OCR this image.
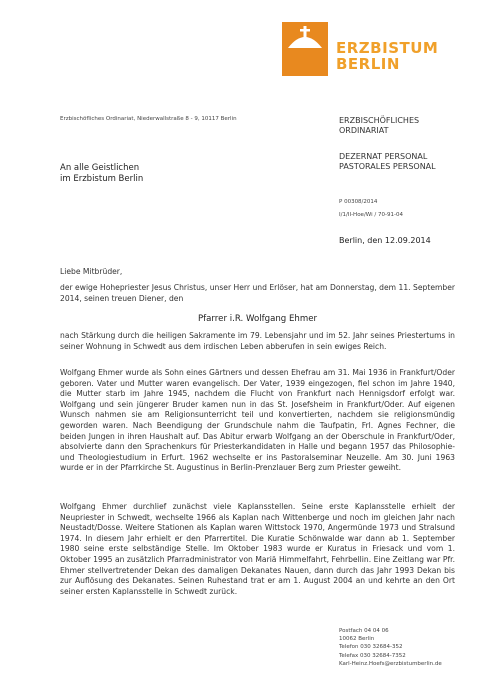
ERZBISTUM
BERLIN
Erzbischöfliches Ordinariat, Niederwallstraße 8 - 9, 10117 Berlin	ERZBISCHÖFLICHES
ORDINARIAT
DEZERNAT PERSONAL
PASTORALES PERSONAL
An alle Geistlichen
im Erzbistum Berlin
P 00308/2014
I/1/II-Hoe/Wi / 70-91-04
Berlin, den 12.09.2014
Liebe Mitbrüder,
der ewige Hohepriester Jesus Christus, unser Herr und Erlöser, hat am Donnerstag, dem 11. September 2014, seinen treuen Diener, den
Pfarrer i.R. Wolfgang Ehmer
nach Stärkung durch die heiligen Sakramente im 79. Lebensjahr und im 52. Jahr seines Priestertums in seiner Wohnung in Schwedt aus dem irdischen Leben abberufen in sein ewiges Reich.
Wolfgang Ehmer wurde als Sohn eines Gärtners und dessen Ehefrau am 31. Mai 1936 in Frankfurt/Oder geboren. Vater und Mutter waren evangelisch. Der Vater, 1939 eingezogen, fiel schon im Jahre 1940, die Mutter starb im Jahre 1945, nachdem die Flucht von Frankfurt nach Hennigsdorf erfolgt war. Wolfgang und sein jüngerer Bruder kamen nun in das St. Josefsheim in Frankfurt/Oder. Auf eigenen Wunsch nahmen sie am Religionsunterricht teil und konvertierten, nachdem sie religionsmündig geworden waren. Nach Beendigung der Grundschule nahm die Taufpatin, Frl. Agnes Fechner, die beiden Jungen in ihren Haushalt auf. Das Abitur erwarb Wolfgang an der Oberschule in Frankfurt/Oder, absolvierte dann den Sprachenkurs für Priesterkandidaten in Halle und begann 1957 das Philosophie- und Theologiestudium in Erfurt. 1962 wechselte er ins Pastoralseminar Neuzelle. Am 30. Juni 1963 wurde er in der Pfarrkirche St. Augustinus in Berlin-Prenzlauer Berg zum Priester geweiht.
Wolfgang Ehmer durchlief zunächst viele Kaplansstellen. Seine erste Kaplansstelle erhielt der Neupriester in Schwedt, wechselte 1966 als Kaplan nach Wittenberge und noch im gleichen Jahr nach Neustadt/Dosse. Weitere Stationen als Kaplan waren Wittstock 1970, Angermünde 1973 und Stralsund 1974. In diesem Jahr erhielt er den Pfarrertitel. Die Kuratie Schönwalde war dann ab 1. September 1980 seine erste selbständige Stelle. Im Oktober 1983 wurde er Kuratus in Friesack und vom 1. Oktober 1995 an zusätzlich Pfarradministrator von Mariä Himmelfahrt, Fehrbellin. Eine Zeitlang war Pfr. Ehmer stellvertretender Dekan des damaligen Dekanates Nauen, dann durch das Jahr 1993 Dekan bis zur Auflösung des Dekanates. Seinen Ruhestand trat er am 1. August 2004 an und kehrte an den Ort seiner ersten Kaplansstelle in Schwedt zurück.
Postfach 04 04 06
10062 Berlin
Telefon 030 32684-352
Telefax 030 32684-7352
Karl-Heinz.Hoefs@erzbistumberlin.de
